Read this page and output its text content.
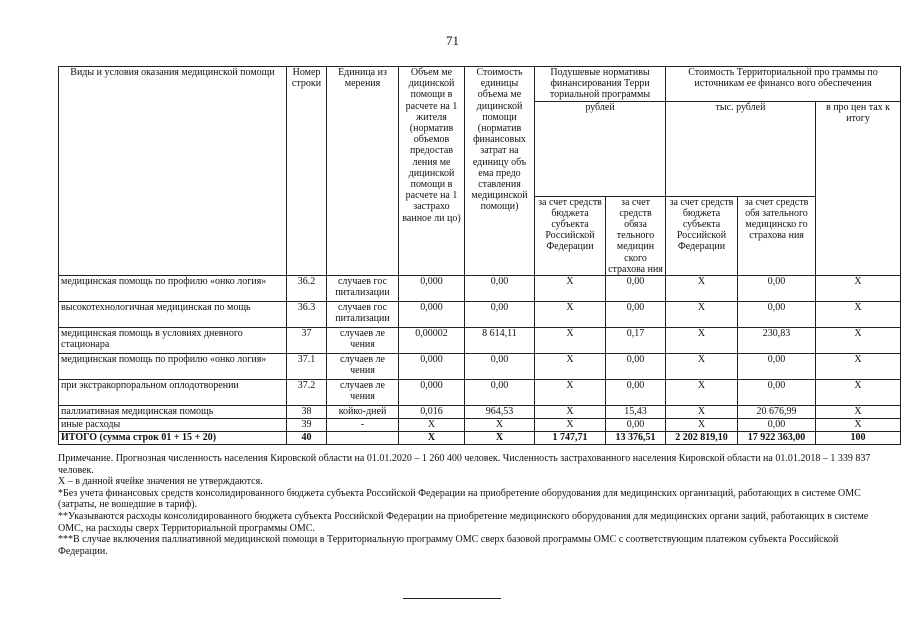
71
Виды и условия оказания медицинской помощи	Номер строки	Единица из мерения	Объем ме дицинской помощи в расчете на 1 жителя (норматив объемов предостав ления ме дицинской помощи в расчете на 1 застрахо ванное ли цо)	Стоимость единицы объема ме дицинской помощи (норматив финансовых затрат на единицу объ ема предо ставления медицинской помощи)	Подушевые нормативы финансирования Терри ториальной программы		Стоимость Территориальной про граммы по источникам ее финансо вого обеспечения		
					рублей		тыс. рублей		в про цен тах к итогу
					за счет средств бюджета субъекта Российской Федерации	за счет средств обяза тельного медицин ского страхова ния	за счет средств бюджета субъекта Российской Федерации	за счет средств обя зательного медицинско го страхова ния	
медицинская помощь по профилю «онко логия»	36.2	случаев гос питализации	0,000	0,00	X	0,00	X	0,00	X
высокотехнологичная медицинская по мощь	36.3	случаев гос питализации	0,000	0,00	X	0,00	X	0,00	X
медицинская помощь в условиях дневного стационара	37	случаев ле чения	0,00002	8 614,11	X	0,17	X	230,83	X
медицинская помощь по профилю «онко логия»	37.1	случаев ле чения	0,000	0,00	X	0,00	X	0,00	X
при экстракорпоральном оплодотворении	37.2	случаев ле чения	0,000	0,00	X	0,00	X	0,00	X
паллиативная медицинская помощь	38	койко-дней	0,016	964,53	X	15,43	X	20 676,99	X
иные расходы	39	-	X	X	X	0,00	X	0,00	X
ИТОГО (сумма строк 01 + 15 + 20)	40		X	X	1 747,71	13 376,51	2 202 819,10	17 922 363,00	100

Примечание. Прогнозная численность населения Кировской области на 01.01.2020 – 1 260 400 человек. Численность застрахованного населения Кировской области на 01.01.2018 – 1 339 837 человек.

Х – в данной ячейке значения не утверждаются.

*Без учета финансовых средств консолидированного бюджета субъекта Российской Федерации на приобретение оборудования для медицинских организаций, работающих в системе ОМС (затраты, не вошедшие в тариф).

**Указываются расходы консолидированного бюджета субъекта Российской Федерации на приобретение медицинского оборудования для медицинских органи заций, работающих в системе ОМС, на расходы сверх Территориальной программы ОМС.

***В случае включения паллиативной медицинской помощи в Территориальную программу ОМС сверх базовой программы ОМС с соответствующим платежом субъекта Российской Федерации.
